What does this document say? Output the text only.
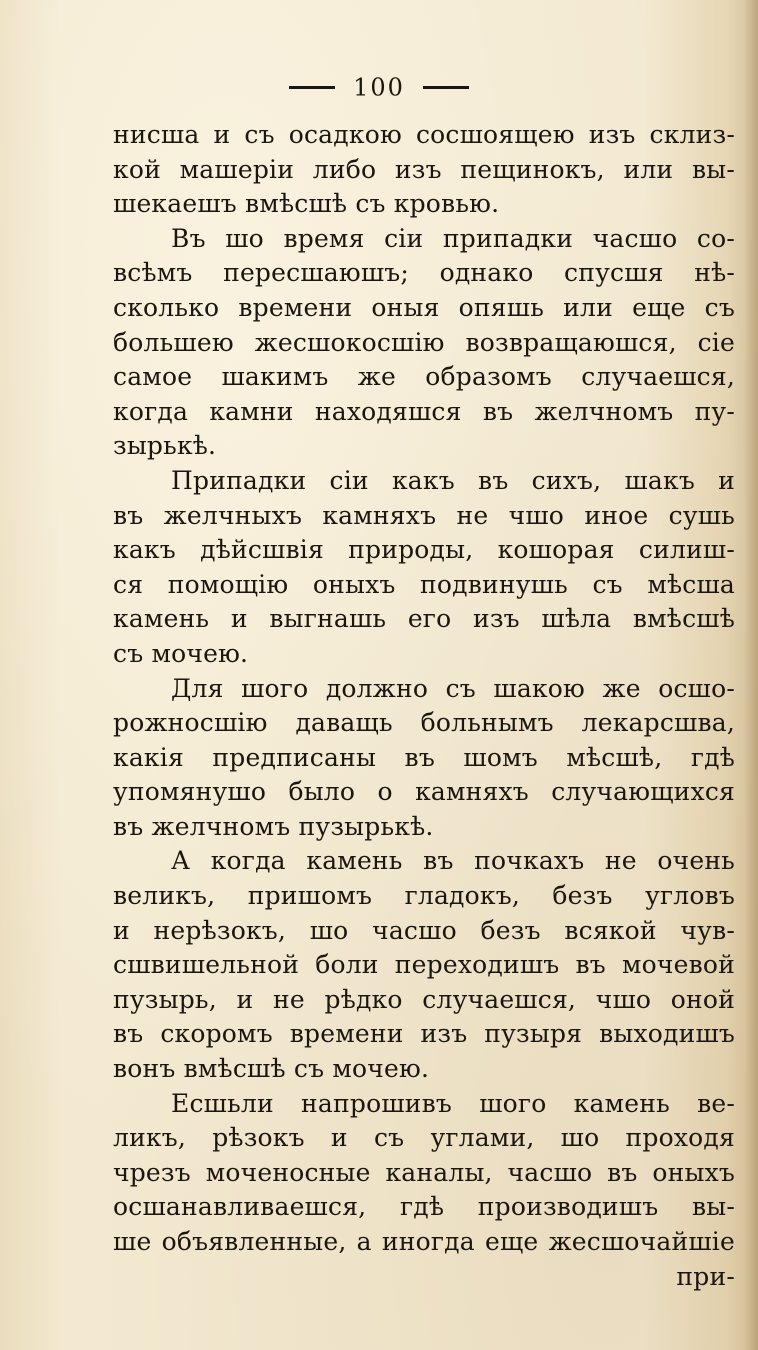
100
нисша и съ осадкою сосшоящею изъ склиз-
кой машерiи либо изъ пещинокъ, или вы-
шекаешъ вмѣсшѣ съ кровью.
Въ шо время сiи припадки часшо со-
всѣмъ пересшаюшъ; однако спусшя нѣ-
сколько времени оныя опяшь или еще съ
большею жесшокосшiю возвращаюшся, сiе
самое шакимъ же образомъ случаешся,
когда камни находяшся въ желчномъ пу-
зырькѣ.
Припадки сiи какъ въ сихъ, шакъ и
въ желчныхъ камняхъ не чшо иное сушь
какъ дѣйсшвiя природы, кошорая силиш-
ся помощiю оныхъ подвинушь съ мѣсша
камень и выгнашь его изъ шѣла вмѣсшѣ
съ мочею.
Для шого должно съ шакою же осшо-
рожносшiю даващь больнымъ лекарсшва,
какiя предписаны въ шомъ мѣсшѣ, гдѣ
упомянушо было о камняхъ случающихся
въ желчномъ пузырькѣ.
А когда камень въ почкахъ не очень
великъ, пришомъ гладокъ, безъ угловъ
и нерѣзокъ, шо часшо безъ всякой чув-
сшвишельной боли переходишъ въ мочевой
пузырь, и не рѣдко случаешся, чшо оной
въ скоромъ времени изъ пузыря выходишъ
вонъ вмѣсшѣ съ мочею.
Есшьли напрошивъ шого камень ве-
ликъ, рѣзокъ и съ углами, шо проходя
чрезъ моченосные каналы, часшо въ оныхъ
осшанавливаешся, гдѣ производишъ вы-
ше объявленные, а иногда еще жесшочайшiе
при-
